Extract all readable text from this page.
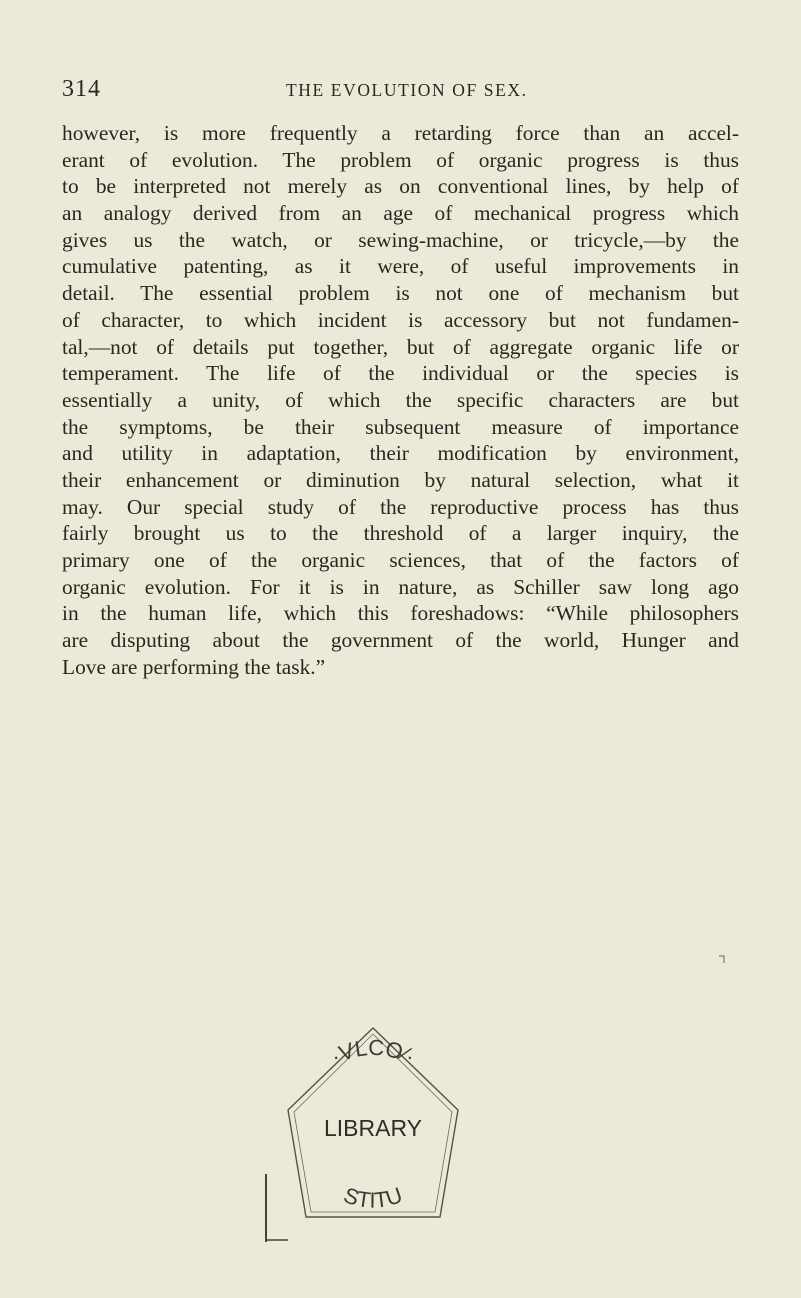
314	THE EVOLUTION OF SEX.
however, is more frequently a retarding force than an accel-
erant of evolution. The problem of organic progress is thus
to be interpreted not merely as on conventional lines, by help of
an analogy derived from an age of mechanical progress which
gives us the watch, or sewing-machine, or tricycle,—by the
cumulative patenting, as it were, of useful improvements in
detail. The essential problem is not one of mechanism but
of character, to which incident is accessory but not fundamen-
tal,—not of details put together, but of aggregate organic life or
temperament. The life of the individual or the species is
essentially a unity, of which the specific characters are but
the symptoms, be their subsequent measure of importance
and utility in adaptation, their modification by environment,
their enhancement or diminution by natural selection, what it
may. Our special study of the reproductive process has thus
fairly brought us to the threshold of a larger inquiry, the
primary one of the organic sciences, that of the factors of
organic evolution. For it is in nature, as Schiller saw long ago
in the human life, which this foreshadows: “While philosophers
are disputing about the government of the world, Hunger and
Love are performing the task.”
·VLCO∕·
LIBRARY
STITU
